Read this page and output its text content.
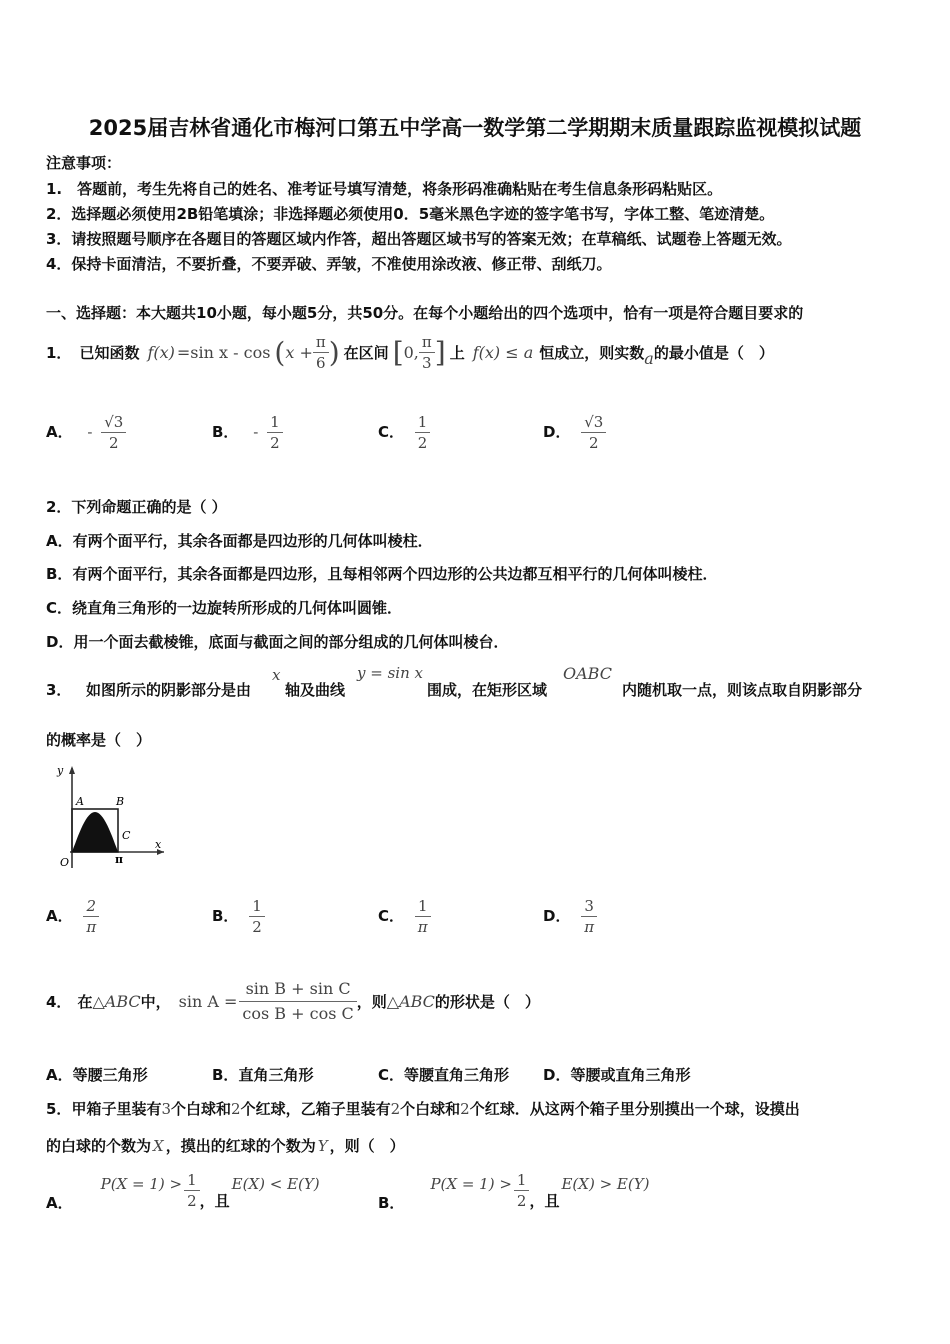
2025届吉林省通化市梅河口第五中学高一数学第二学期期末质量跟踪监视模拟试题
注意事项：
1.　答题前，考生先将自己的姓名、准考证号填写清楚，将条形码准确粘贴在考生信息条形码粘贴区。
2．选择题必须使用2B铅笔填涂；非选择题必须使用0．5毫米黑色字迹的签字笔书写，字体工整、笔迹清楚。
3．请按照题号顺序在各题目的答题区域内作答，超出答题区域书写的答案无效；在草稿纸、试题卷上答题无效。
4．保持卡面清洁，不要折叠，不要弄破、弄皱，不准使用涂改液、修正带、刮纸刀。
一、选择题：本大题共10小题，每小题5分，共50分。在每个小题给出的四个选项中，恰有一项是符合题目要求的
1． 已知函数 f(x) =sin x - cos ( $x + \frac{\pi}{6}$ ) 在区间 [ 0, $\frac{\pi}{3}$ ] 上 f(x) ≤ a 恒成立，则实数 a 的最小值是（　）
A． - $\frac{√3}{2}$	B． - $\frac{1}{2}$	C． $\frac{1}{2}$	D． $\frac{√3}{2}$
2．下列命题正确的是（ ）
A．有两个面平行，其余各面都是四边形的几何体叫棱柱．
B．有两个面平行，其余各面都是四边形，且每相邻两个四边形的公共边都互相平行的几何体叫棱柱．
C．绕直角三角形的一边旋转所形成的几何体叫圆锥．
D．用一个面去截棱锥，底面与截面之间的部分组成的几何体叫棱台．
3． 如图所示的阴影部分是由
x
轴及曲线
y = sin x
围成，在矩形区域
OABC
内随机取一点，则该点取自阴影部分
的概率是（　）
y
x
O
A	B
C
π
A． $\frac{2}{\pi}$	B． $\frac{1}{2}$	C． $\frac{1}{\pi}$	D． $\frac{3}{\pi}$
4． 在 △ABC 中， $\sin A = \frac{\text{sin B + sin C}}{\text{cos B + cos C}}$ ，则 △ABC 的形状是（　）
A．等腰三角形	B．直角三角形	C．等腰直角三角形 D．等腰或直角三角形
5．甲箱子里装有3个白球和2个红球，乙箱子里装有2个白球和2个红球．从这两个箱子里分别摸出一个球，设摸出
的白球的个数为 X ，摸出的红球的个数为 Y ，则（　）
A．
$P(X = 1) > \frac{1}{2}$ ，且
E(X) < E(Y)
B．
$P(X = 1) > \frac{1}{2}$ ，且
E(X) > E(Y)
